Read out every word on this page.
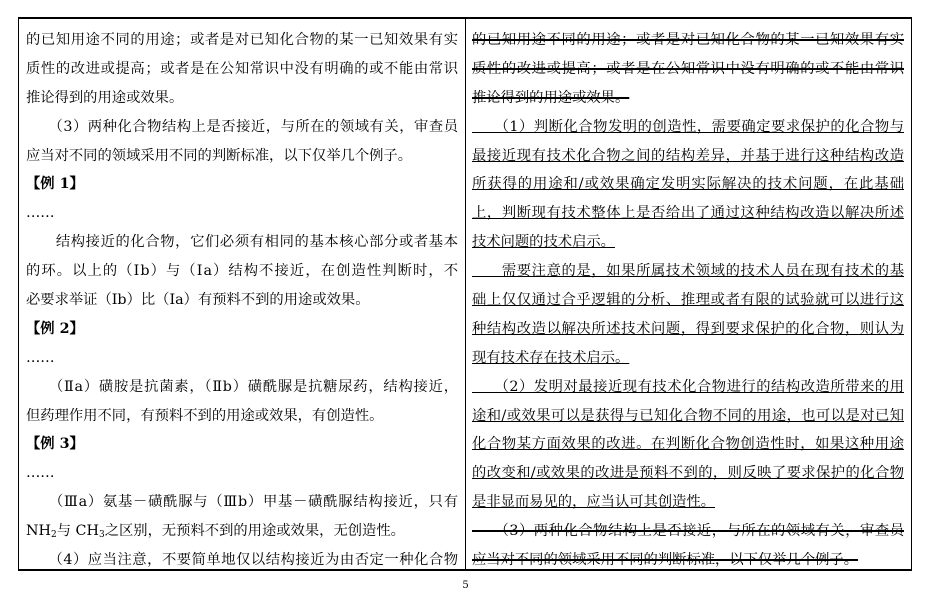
的已知用途不同的用途；或者是对已知化合物的某一已知效果有实
质性的改进或提高；或者是在公知常识中没有明确的或不能由常识
推论得到的用途或效果。
　　（3）两种化合物结构上是否接近，与所在的领域有关，审查员
应当对不同的领域采用不同的判断标准，以下仅举几个例子。
【例 1】
……
　　结构接近的化合物，它们必须有相同的基本核心部分或者基本
的环。以上的（Ⅰb）与（Ⅰa）结构不接近，在创造性判断时，不
必要求举证（Ib）比（Ia）有预料不到的用途或效果。
【例 2】
……
　　（Ⅱa）磺胺是抗菌素，（Ⅱb）磺酰脲是抗糖尿药，结构接近，
但药理作用不同，有预料不到的用途或效果，有创造性。
【例 3】
……
　　（Ⅲa）氨基－磺酰脲与（Ⅲb）甲基－磺酰脲结构接近，只有
$NH_2$与 $CH_3$之区别，无预料不到的用途或效果，无创造性。
　　（4）应当注意，不要简单地仅以结构接近为由否定一种化合物
的已知用途不同的用途；或者是对已知化合物的某一已知效果有实
质性的改进或提高；或者是在公知常识中没有明确的或不能由常识
推论得到的用途或效果。
　　（1）判断化合物发明的创造性，需要确定要求保护的化合物与
最接近现有技术化合物之间的结构差异，并基于进行这种结构改造
所获得的用途和/或效果确定发明实际解决的技术问题，在此基础
上，判断现有技术整体上是否给出了通过这种结构改造以解决所述
技术问题的技术启示。
　　需要注意的是，如果所属技术领域的技术人员在现有技术的基
础上仅仅通过合乎逻辑的分析、推理或者有限的试验就可以进行这
种结构改造以解决所述技术问题，得到要求保护的化合物，则认为
现有技术存在技术启示。
　　（2）发明对最接近现有技术化合物进行的结构改造所带来的用
途和/或效果可以是获得与已知化合物不同的用途，也可以是对已知
化合物某方面效果的改进。在判断化合物创造性时，如果这种用途
的改变和/或效果的改进是预料不到的，则反映了要求保护的化合物
是非显而易见的，应当认可其创造性。
　　（3）两种化合物结构上是否接近，与所在的领域有关，审查员
应当对不同的领域采用不同的判断标准，以下仅举几个例子。
5
